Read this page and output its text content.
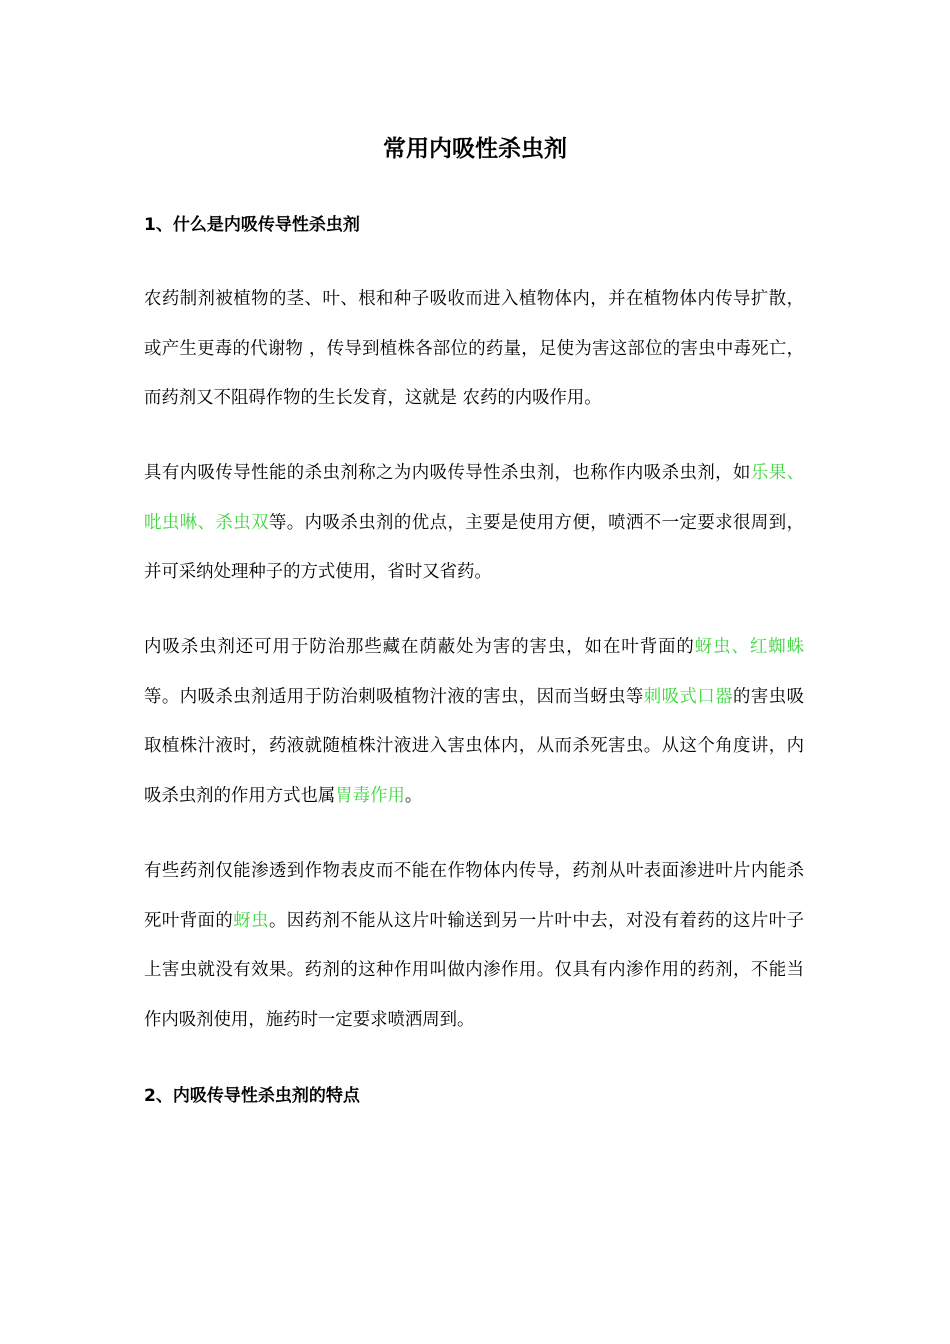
常用内吸性杀虫剂
1、什么是内吸传导性杀虫剂

农药制剂被植物的茎、叶、根和种子吸收而进入植物体内，并在植物体内传导扩散，或产生更毒的代谢物 ，传导到植株各部位的药量，足使为害这部位的害虫中毒死亡，而药剂又不阻碍作物的生长发育，这就是 农药的内吸作用。

具有内吸传导性能的杀虫剂称之为内吸传导性杀虫剂，也称作内吸杀虫剂，如乐果、吡虫啉、杀虫双等。内吸杀虫剂的优点，主要是使用方便，喷洒不一定要求很周到，并可采纳处理种子的方式使用，省时又省药。

内吸杀虫剂还可用于防治那些藏在荫蔽处为害的害虫，如在叶背面的蚜虫、红蜘蛛等。内吸杀虫剂适用于防治刺吸植物汁液的害虫，因而当蚜虫等刺吸式口器的害虫吸取植株汁液时，药液就随植株汁液进入害虫体内，从而杀死害虫。从这个角度讲，内吸杀虫剂的作用方式也属胃毒作用。

有些药剂仅能渗透到作物表皮而不能在作物体内传导，药剂从叶表面渗进叶片内能杀死叶背面的蚜虫。因药剂不能从这片叶输送到另一片叶中去，对没有着药的这片叶子上害虫就没有效果。药剂的这种作用叫做内渗作用。仅具有内渗作用的药剂，不能当作内吸剂使用，施药时一定要求喷洒周到。

2、内吸传导性杀虫剂的特点
